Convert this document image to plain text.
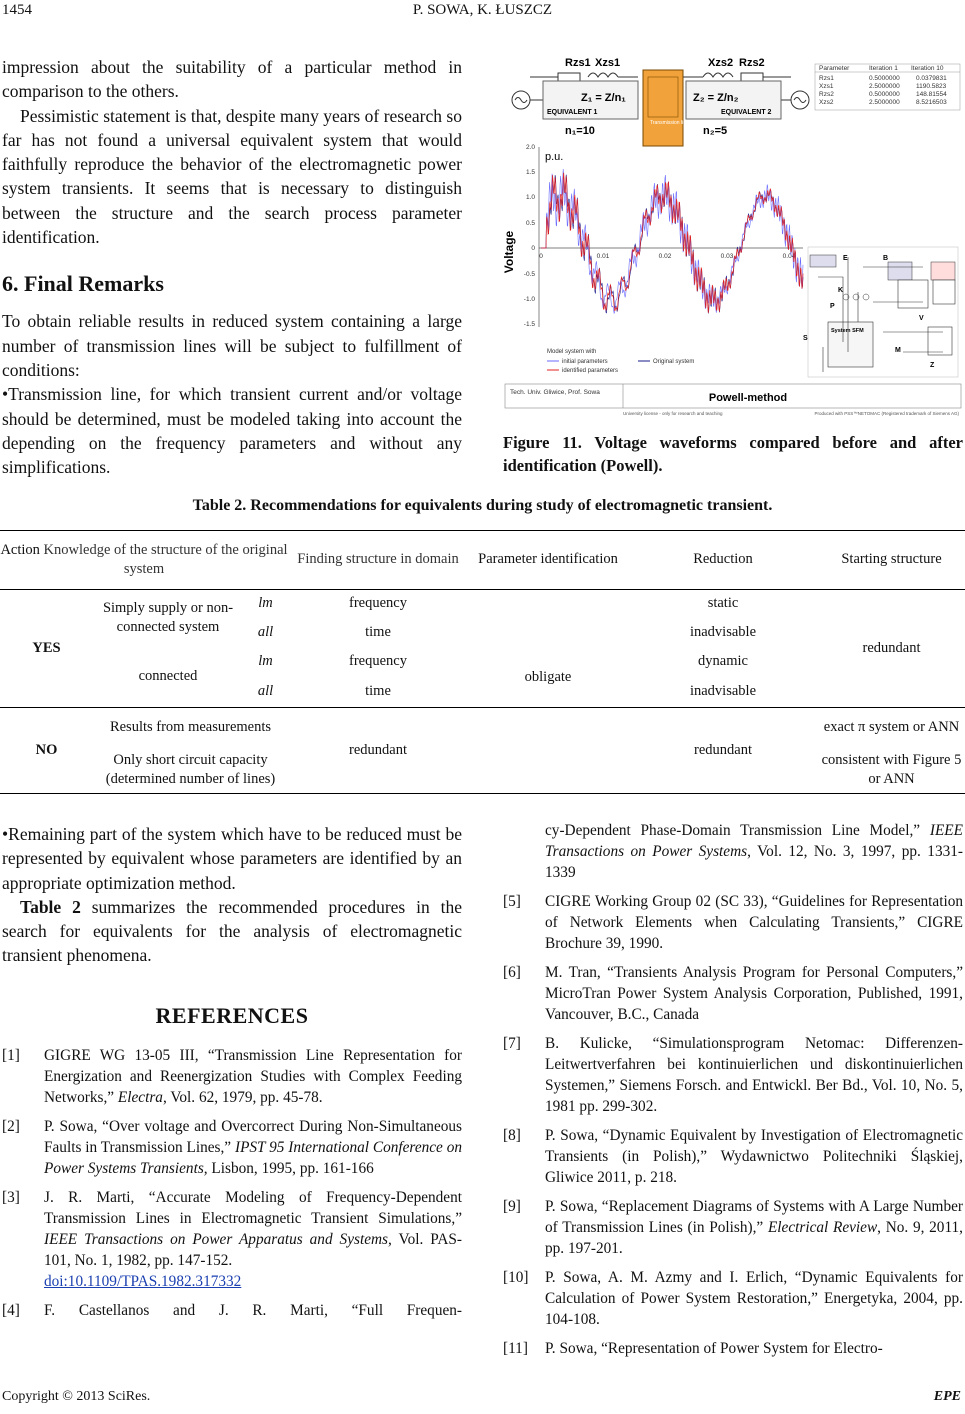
1454	P. SOWA, K. ŁUSZCZ

impression about the suitability of a particular method in comparison to the others.

Pessimistic statement is that, despite many years of research so far has not found a universal equivalent system that would faithfully reproduce the behavior of the electromagnetic power system transients. It seems that is necessary to distinguish between the structure and the search process parameter identification.

6. Final Remarks

To obtain reliable results in reduced system containing a large number of transmission lines will be subject to fulfillment of conditions:

•Transmission line, for which transient current and/or voltage should be determined, must be modeled taking into account the depending on the frequency parameters and without any simplifications.

Rzs1 Xzs1
Z₁ = Z/n₁
EQUIVALENT 1
n₁=10
Transmission line model
Xzs2 Rzs2
Z₂ = Z/n₂
EQUIVALENT 2
n₂=5
Parameter	Iteration 1 Iteration 10
Rzs1	0.5000000	0.0379831
Xzs1	2.5000000	1190.5823
Rzs2	0.5000000	148.81554
Xzs2	2.5000000	8.5216503
Voltage
p.u.
2.0
1.5
1.0
0.5
0
-0.5
-1.0
-1.5
0	0.01	0.02	0.03	0.04
Model system with
initial parameters
identified parameters
Original system
E	B
K
P
S
V
M
Z
System SFM
Tech. Univ. Gliwice, Prof. Sowa	Powell-method
University license - only for research and teaching	Produced with PSS™NETOMAC (Registered trademark of Siemens AG)
Figure 11. Voltage waveforms compared before and after identification (Powell).
Table 2. Recommendations for equivalents during study of electromagnetic transient.
Action Knowledge of the structure of the original system			Finding structure in domain	Parameter identification	Reduction	Starting structure
YES	Simply supply or non-connected system	lm	frequency	obligate	static	redundant
		all	time		inadvisable	
	connected	lm	frequency		dynamic	
		all	time		inadvisable	
NO	Results from measurements		redundant		redundant	exact π system or ANN
	Only short circuit capacity (determined number of lines)					consistent with Figure 5 or ANN

•Remaining part of the system which have to be reduced must be represented by equivalent whose parameters are identified by an appropriate optimization method.

Table 2 summarizes the recommended procedures in the search for equivalents for the analysis of electromagnetic transient phenomena.

REFERENCES
[1]	GIGRE WG 13-05 III, “Transmission Line Representation for Energization and Reenergization Studies with Complex Feeding Networks,” Electra, Vol. 62, 1979, pp. 45-78.
[2]	P. Sowa, “Over voltage and Overcorrect During Non-Simultaneous Faults in Transmission Lines,” IPST 95 International Conference on Power Systems Transients, Lisbon, 1995, pp. 161-166
[3]	J. R. Marti, “Accurate Modeling of Frequency-Dependent Transmission Lines in Electromagnetic Transient Simulations,” IEEE Transactions on Power Apparatus and Systems, Vol. PAS-101, No. 1, 1982, pp. 147-152.
doi:10.1109/TPAS.1982.317332
[4]	F. Castellanos and J. R. Marti, “Full Frequen-
cy-Dependent Phase-Domain Transmission Line Model,” IEEE Transactions on Power Systems, Vol. 12, No. 3, 1997, pp. 1331-1339
[5]	CIGRE Working Group 02 (SC 33), “Guidelines for Representation of Network Elements when Calculating Transients,” CIGRE Brochure 39, 1990.
[6]	M. Tran, “Transients Analysis Program for Personal Computers,” MicroTran Power System Analysis Corporation, Published, 1991, Vancouver, B.C., Canada
[7]	B. Kulicke, “Simulationsprogram Netomac: Differenzen-Leitwertverfahren bei kontinuierlichen und diskontinuierlichen Systemen,” Siemens Forsch. and Entwickl. Ber Bd., Vol. 10, No. 5, 1981 pp. 299-302.
[8]	P. Sowa, “Dynamic Equivalent by Investigation of Electromagnetic Transients (in Polish),” Wydawnictwo Politechniki Śląskiej, Gliwice 2011, p. 218.
[9]	P. Sowa, “Replacement Diagrams of Systems with A Large Number of Transmission Lines (in Polish),” Electrical Review, No. 9, 2011, pp. 197-201.
[10]	P. Sowa, A. M. Azmy and I. Erlich, “Dynamic Equivalents for Calculation of Power System Restoration,” Energetyka, 2004, pp. 104-108.
[11]	P. Sowa, “Representation of Power System for Electro-
Copyright © 2013 SciRes.	EPE
